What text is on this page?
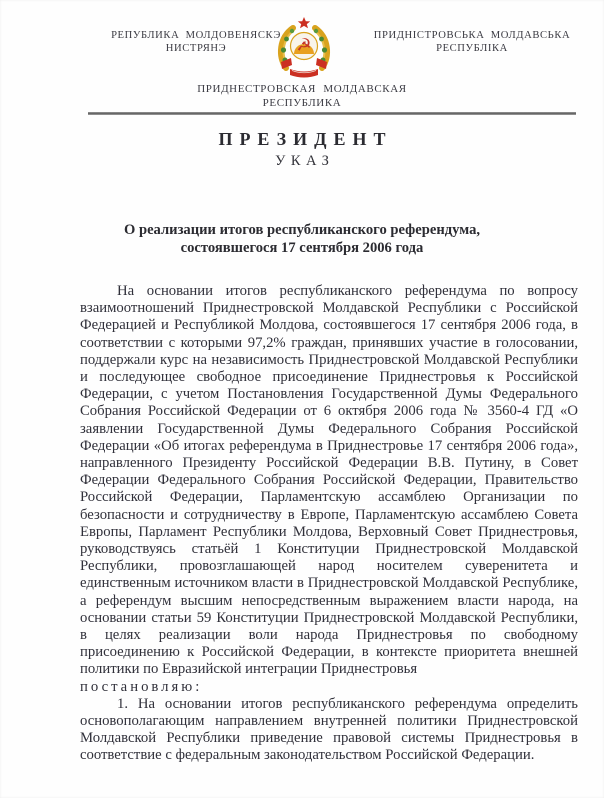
РЕПУБЛИКА МОЛДОВЕНЯСКЭ
НИСТРЯНЭ	☭	ПРИДНІСТРОВСЬКА МОЛДАВСЬКА
РЕСПУБЛІКА
ПРИДНЕСТРОВСКАЯ МОЛДАВСКАЯ
РЕСПУБЛИКА
ПРЕЗИДЕНТ
УКАЗ
О реализации итогов республиканского референдума,
состоявшегося 17 сентября 2006 года

На основании итогов республиканского референдума по вопросу взаимоотношений Приднестровской Молдавской Республики с Российской Федерацией и Республикой Молдова, состоявшегося 17 сентября 2006 года, в соответствии с которыми 97,2% граждан, принявших участие в голосовании, поддержали курс на независимость Приднестровской Молдавской Республики и последующее свободное присоединение Приднестровья к Российской Федерации, с учетом Постановления Государственной Думы Федерального Собрания Российской Федерации от 6 октября 2006 года № 3560-4 ГД «О заявлении Государственной Думы Федерального Собрания Российской Федерации «Об итогах референдума в Приднестровье 17 сентября 2006 года», направленного Президенту Российской Федерации В.В. Путину, в Совет Федерации Федерального Собрания Российской Федерации, Правительство Российской Федерации, Парламентскую ассамблею Организации по безопасности и сотрудничеству в Европе, Парламентскую ассамблею Совета Европы, Парламент Республики Молдова, Верховный Совет Приднестровья, руководствуясь статьёй 1 Конституции Приднестровской Молдавской Республики, провозглашающей народ носителем суверенитета и единственным источником власти в Приднестровской Молдавской Республике, а референдум высшим непосредственным выражением власти народа, на основании статьи 59 Конституции Приднестровской Молдавской Республики, в целях реализации воли народа Приднестровья по свободному присоединению к Российской Федерации, в контексте приоритета внешней политики по Евразийской интеграции Приднестровья

постановляю:

1. На основании итогов республиканского референдума определить основополагающим направлением внутренней политики Приднестровской Молдавской Республики приведение правовой системы Приднестровья в соответствие с федеральным законодательством Российской Федерации.
